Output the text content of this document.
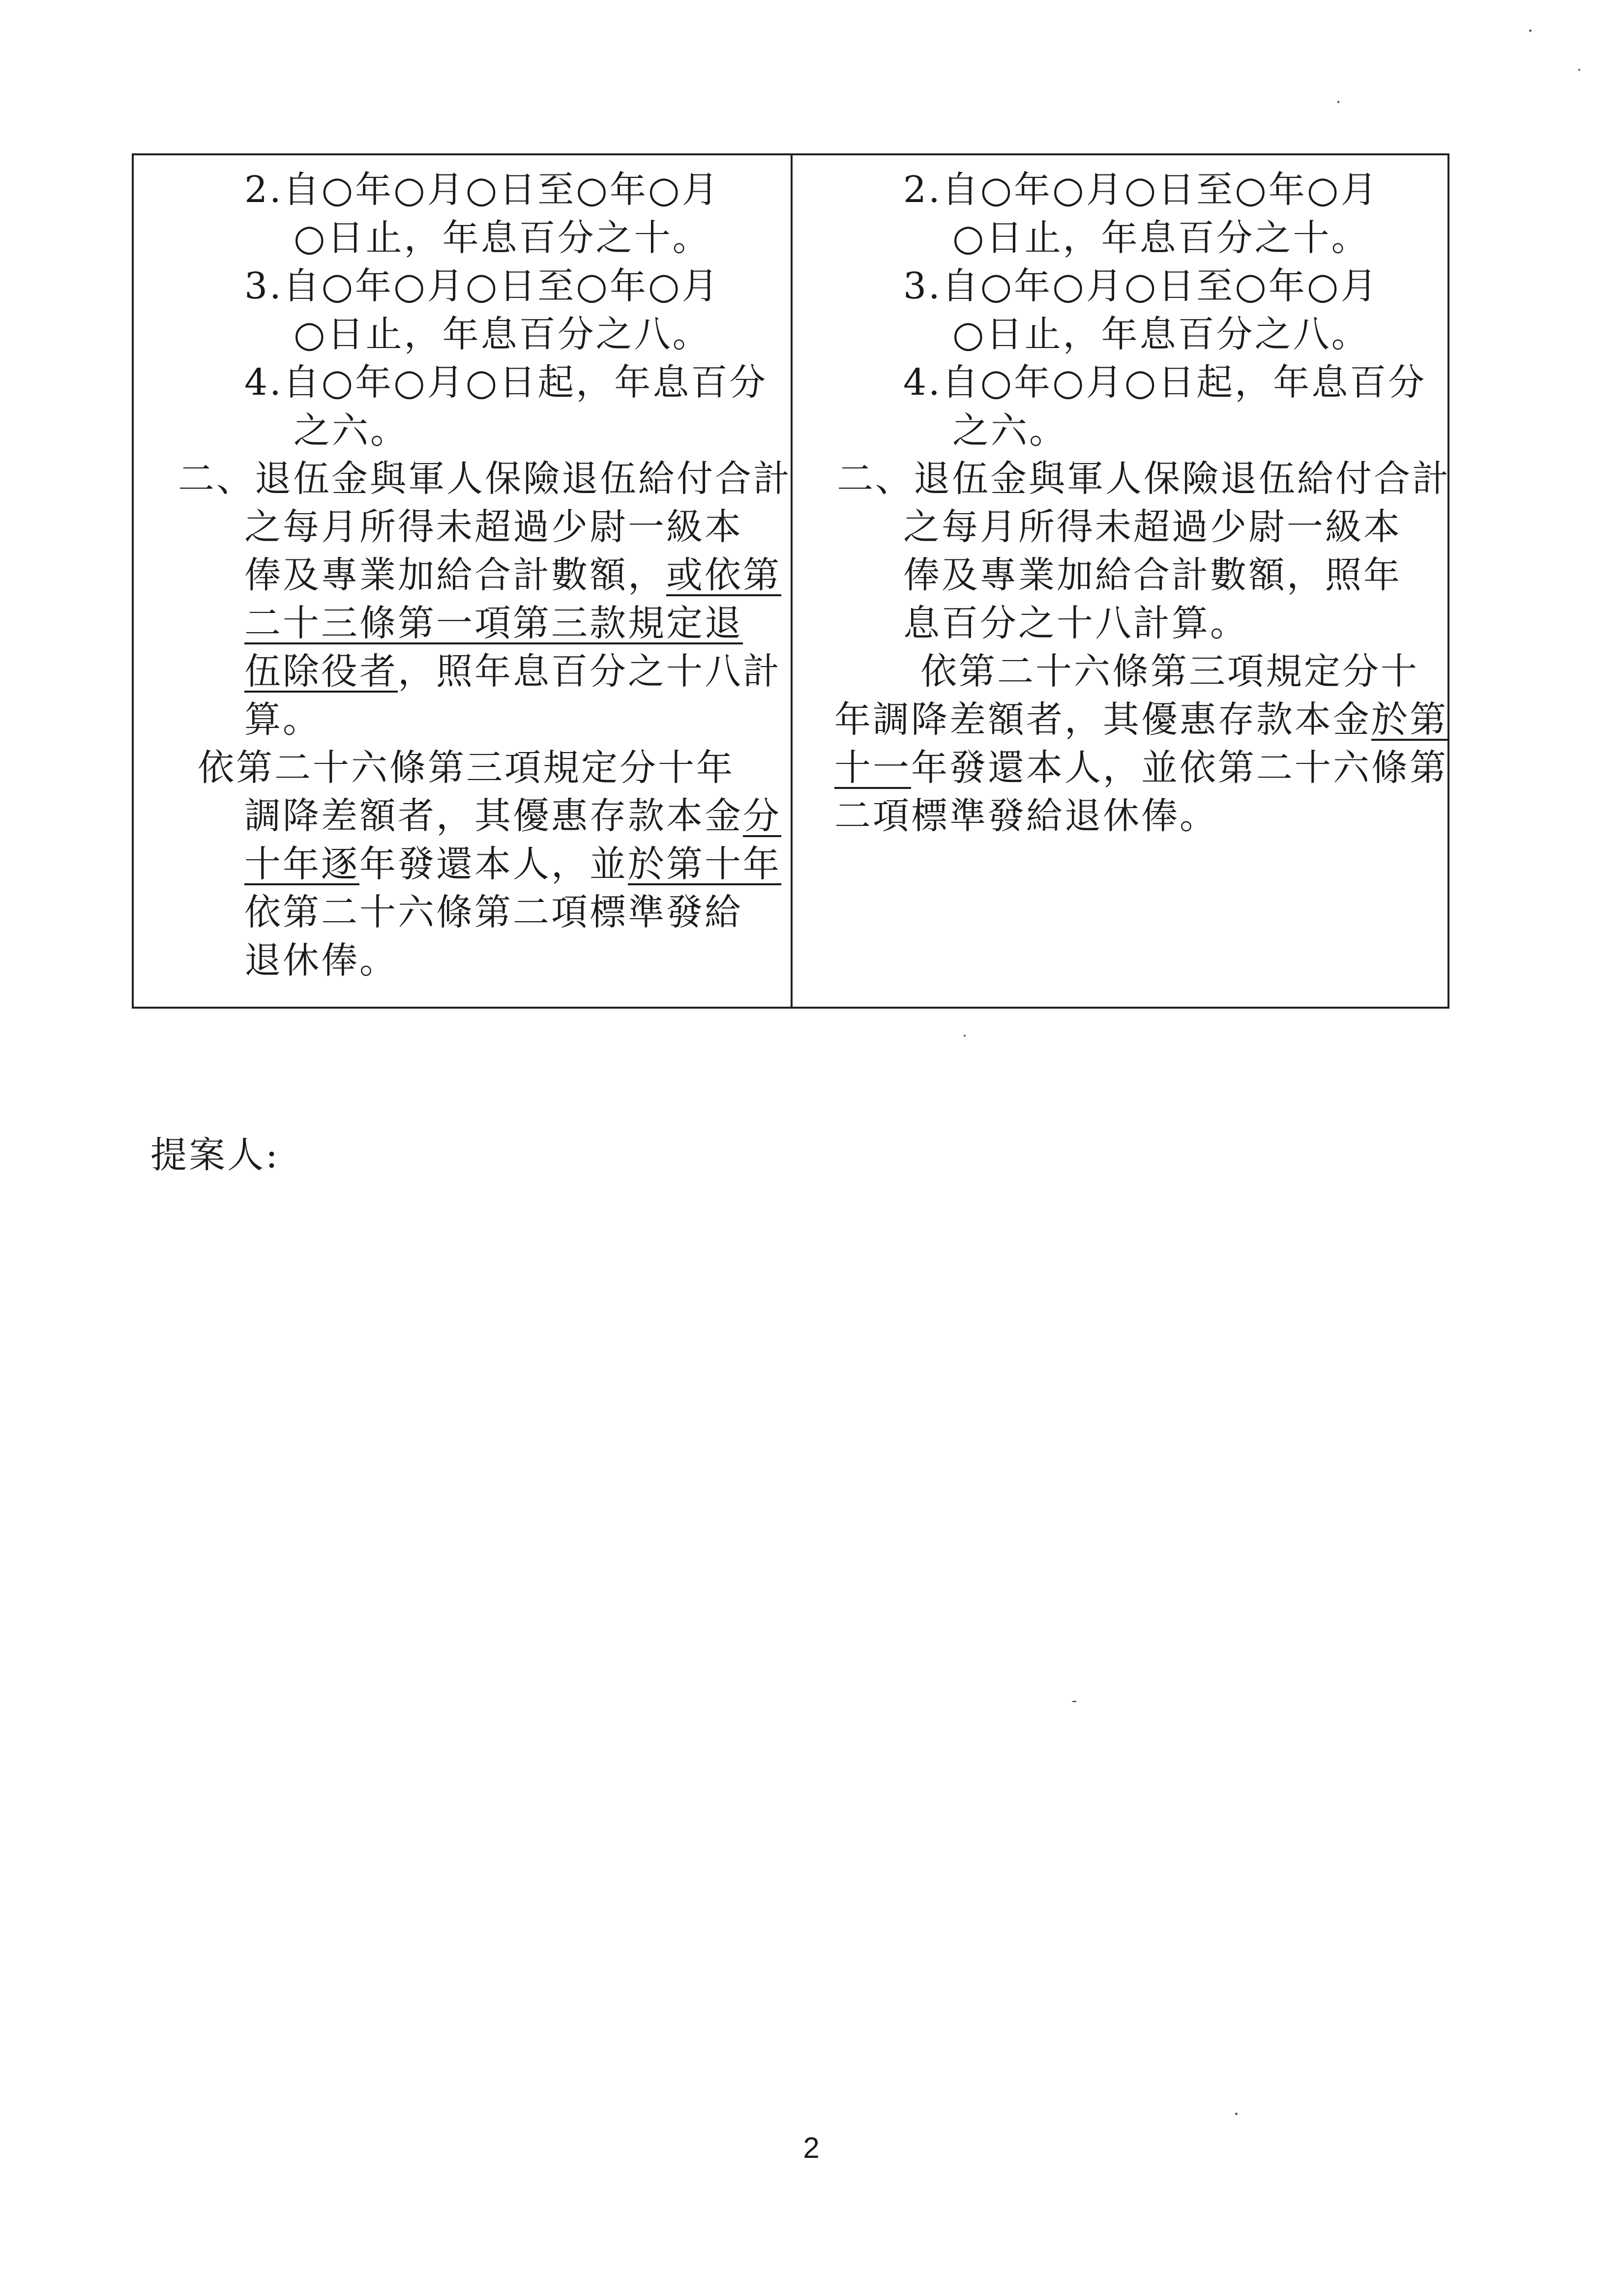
2.自○年○月○日至○年○月
○日止，年息百分之十。
3.自○年○月○日至○年○月
○日止，年息百分之八。
4.自○年○月○日起，年息百分
之六。
二、退伍金與軍人保險退伍給付合計
之每月所得未超過少尉一級本
俸及專業加給合計數額，或依第
二十三條第一項第三款規定退
伍除役者，照年息百分之十八計
算。
依第二十六條第三項規定分十年
調降差額者，其優惠存款本金分
十年逐年發還本人，並於第十年
依第二十六條第二項標準發給
退休俸。
2.自○年○月○日至○年○月
○日止，年息百分之十。
3.自○年○月○日至○年○月
○日止，年息百分之八。
4.自○年○月○日起，年息百分
之六。
二、退伍金與軍人保險退伍給付合計
之每月所得未超過少尉一級本
俸及專業加給合計數額，照年
息百分之十八計算。
依第二十六條第三項規定分十
年調降差額者，其優惠存款本金於第
十一年發還本人，並依第二十六條第
二項標準發給退休俸。
提案人:
2
